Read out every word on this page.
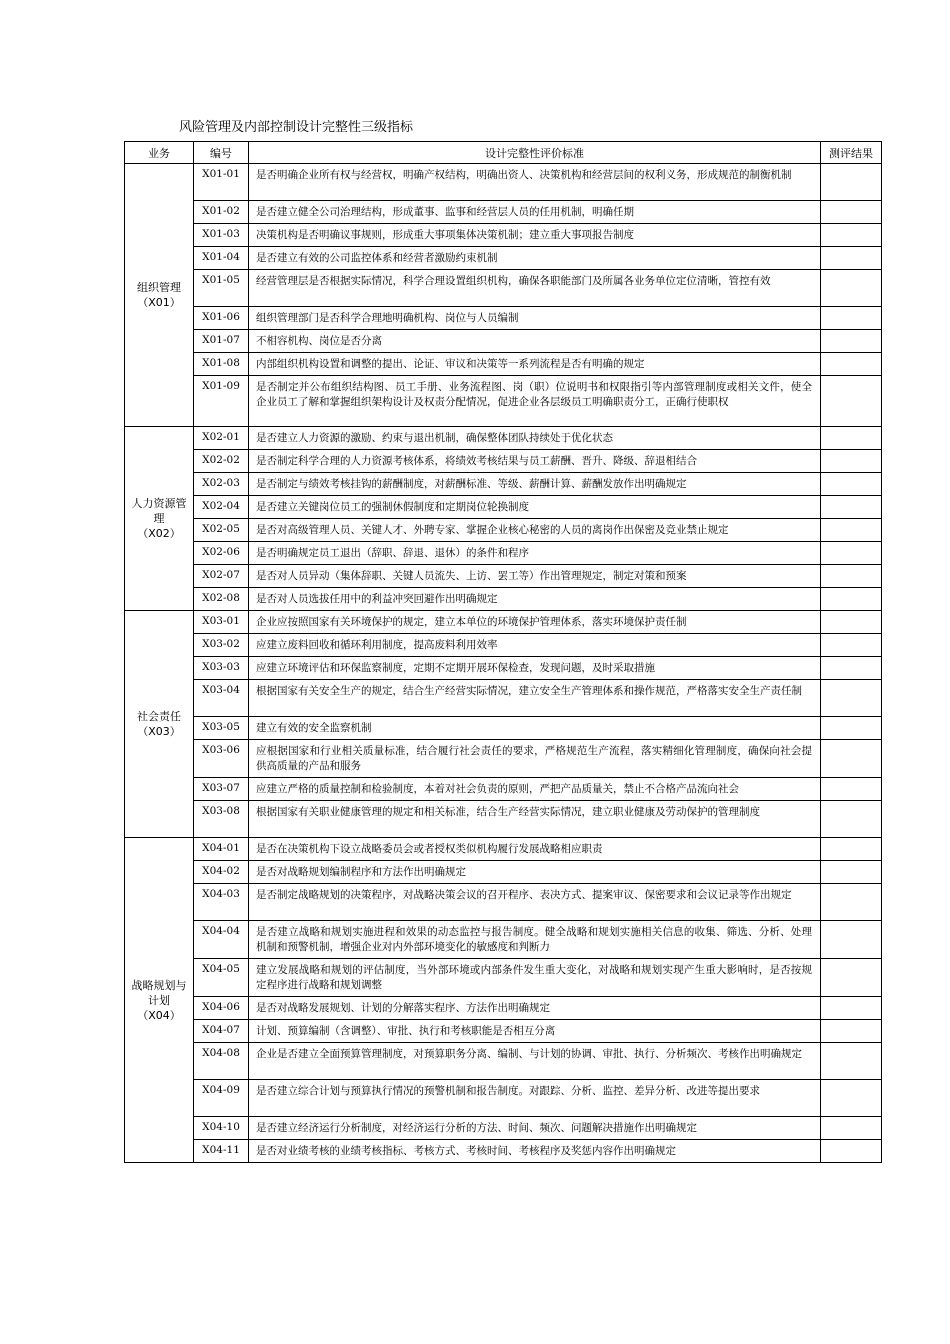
风险管理及内部控制设计完整性三级指标
业务	编号	设计完整性评价标准	测评结果

组织管理
（X01）	X01-01	是否明确企业所有权与经营权，明确产权结构，明确出资人、决策机构和经营层间的权利义务，形成规范的制衡机制	
	X01-02	是否建立健全公司治理结构，形成董事、监事和经营层人员的任用机制，明确任期	
	X01-03	决策机构是否明确议事规则，形成重大事项集体决策机制；建立重大事项报告制度	
	X01-04	是否建立有效的公司监控体系和经营者激励约束机制	
	X01-05	经营管理层是否根据实际情况，科学合理设置组织机构，确保各职能部门及所属各业务单位定位清晰，管控有效	
	X01-06	组织管理部门是否科学合理地明确机构、岗位与人员编制	
	X01-07	不相容机构、岗位是否分离	
	X01-08	内部组织机构设置和调整的提出、论证、审议和决策等一系列流程是否有明确的规定	
	X01-09	是否制定并公布组织结构图、员工手册、业务流程图、岗（职）位说明书和权限指引等内部管理制度或相关文件，使全企业员工了解和掌握组织架构设计及权责分配情况，促进企业各层级员工明确职责分工，正确行使职权	

人力资源管理
（X02）	X02-01	是否建立人力资源的激励、约束与退出机制，确保整体团队持续处于优化状态	
	X02-02	是否制定科学合理的人力资源考核体系，将绩效考核结果与员工薪酬、晋升、降级、辞退相结合	
	X02-03	是否制定与绩效考核挂钩的薪酬制度，对薪酬标准、等级、薪酬计算、薪酬发放作出明确规定	
	X02-04	是否建立关键岗位员工的强制休假制度和定期岗位轮换制度	
	X02-05	是否对高级管理人员、关键人才、外聘专家、掌握企业核心秘密的人员的离岗作出保密及竞业禁止规定	
	X02-06	是否明确规定员工退出（辞职、辞退、退休）的条件和程序	
	X02-07	是否对人员异动（集体辞职、关键人员流失、上访、罢工等）作出管理规定，制定对策和预案	
	X02-08	是否对人员选拔任用中的利益冲突回避作出明确规定	

社会责任
（X03）	X03-01	企业应按照国家有关环境保护的规定，建立本单位的环境保护管理体系，落实环境保护责任制	
	X03-02	应建立废料回收和循环利用制度，提高废料利用效率	
	X03-03	应建立环境评估和环保监察制度，定期不定期开展环保检查，发现问题，及时采取措施	
	X03-04	根据国家有关安全生产的规定，结合生产经营实际情况，建立安全生产管理体系和操作规范，严格落实安全生产责任制	
	X03-05	建立有效的安全监察机制	
	X03-06	应根据国家和行业相关质量标准，结合履行社会责任的要求，严格规范生产流程，落实精细化管理制度，确保向社会提供高质量的产品和服务	
	X03-07	应建立严格的质量控制和检验制度，本着对社会负责的原则，严把产品质量关，禁止不合格产品流向社会	
	X03-08	根据国家有关职业健康管理的规定和相关标准，结合生产经营实际情况，建立职业健康及劳动保护的管理制度	

战略规划与计划
（X04）	X04-01	是否在决策机构下设立战略委员会或者授权类似机构履行发展战略相应职责	
	X04-02	是否对战略规划编制程序和方法作出明确规定	
	X04-03	是否制定战略规划的决策程序，对战略决策会议的召开程序、表决方式、提案审议、保密要求和会议记录等作出规定	
	X04-04	是否建立战略和规划实施进程和效果的动态监控与报告制度。健全战略和规划实施相关信息的收集、筛选、分析、处理机制和预警机制，增强企业对内外部环境变化的敏感度和判断力	
	X04-05	建立发展战略和规划的评估制度，当外部环境或内部条件发生重大变化，对战略和规划实现产生重大影响时，是否按规定程序进行战略和规划调整	
	X04-06	是否对战略发展规划、计划的分解落实程序、方法作出明确规定	
	X04-07	计划、预算编制（含调整）、审批、执行和考核职能是否相互分离	
	X04-08	企业是否建立全面预算管理制度，对预算职务分离、编制、与计划的协调、审批、执行、分析频次、考核作出明确规定	
	X04-09	是否建立综合计划与预算执行情况的预警机制和报告制度。对跟踪、分析、监控、差异分析、改进等提出要求	
	X04-10	是否建立经济运行分析制度，对经济运行分析的方法、时间、频次、问题解决措施作出明确规定	
	X04-11	是否对业绩考核的业绩考核指标、考核方式、考核时间、考核程序及奖惩内容作出明确规定	
